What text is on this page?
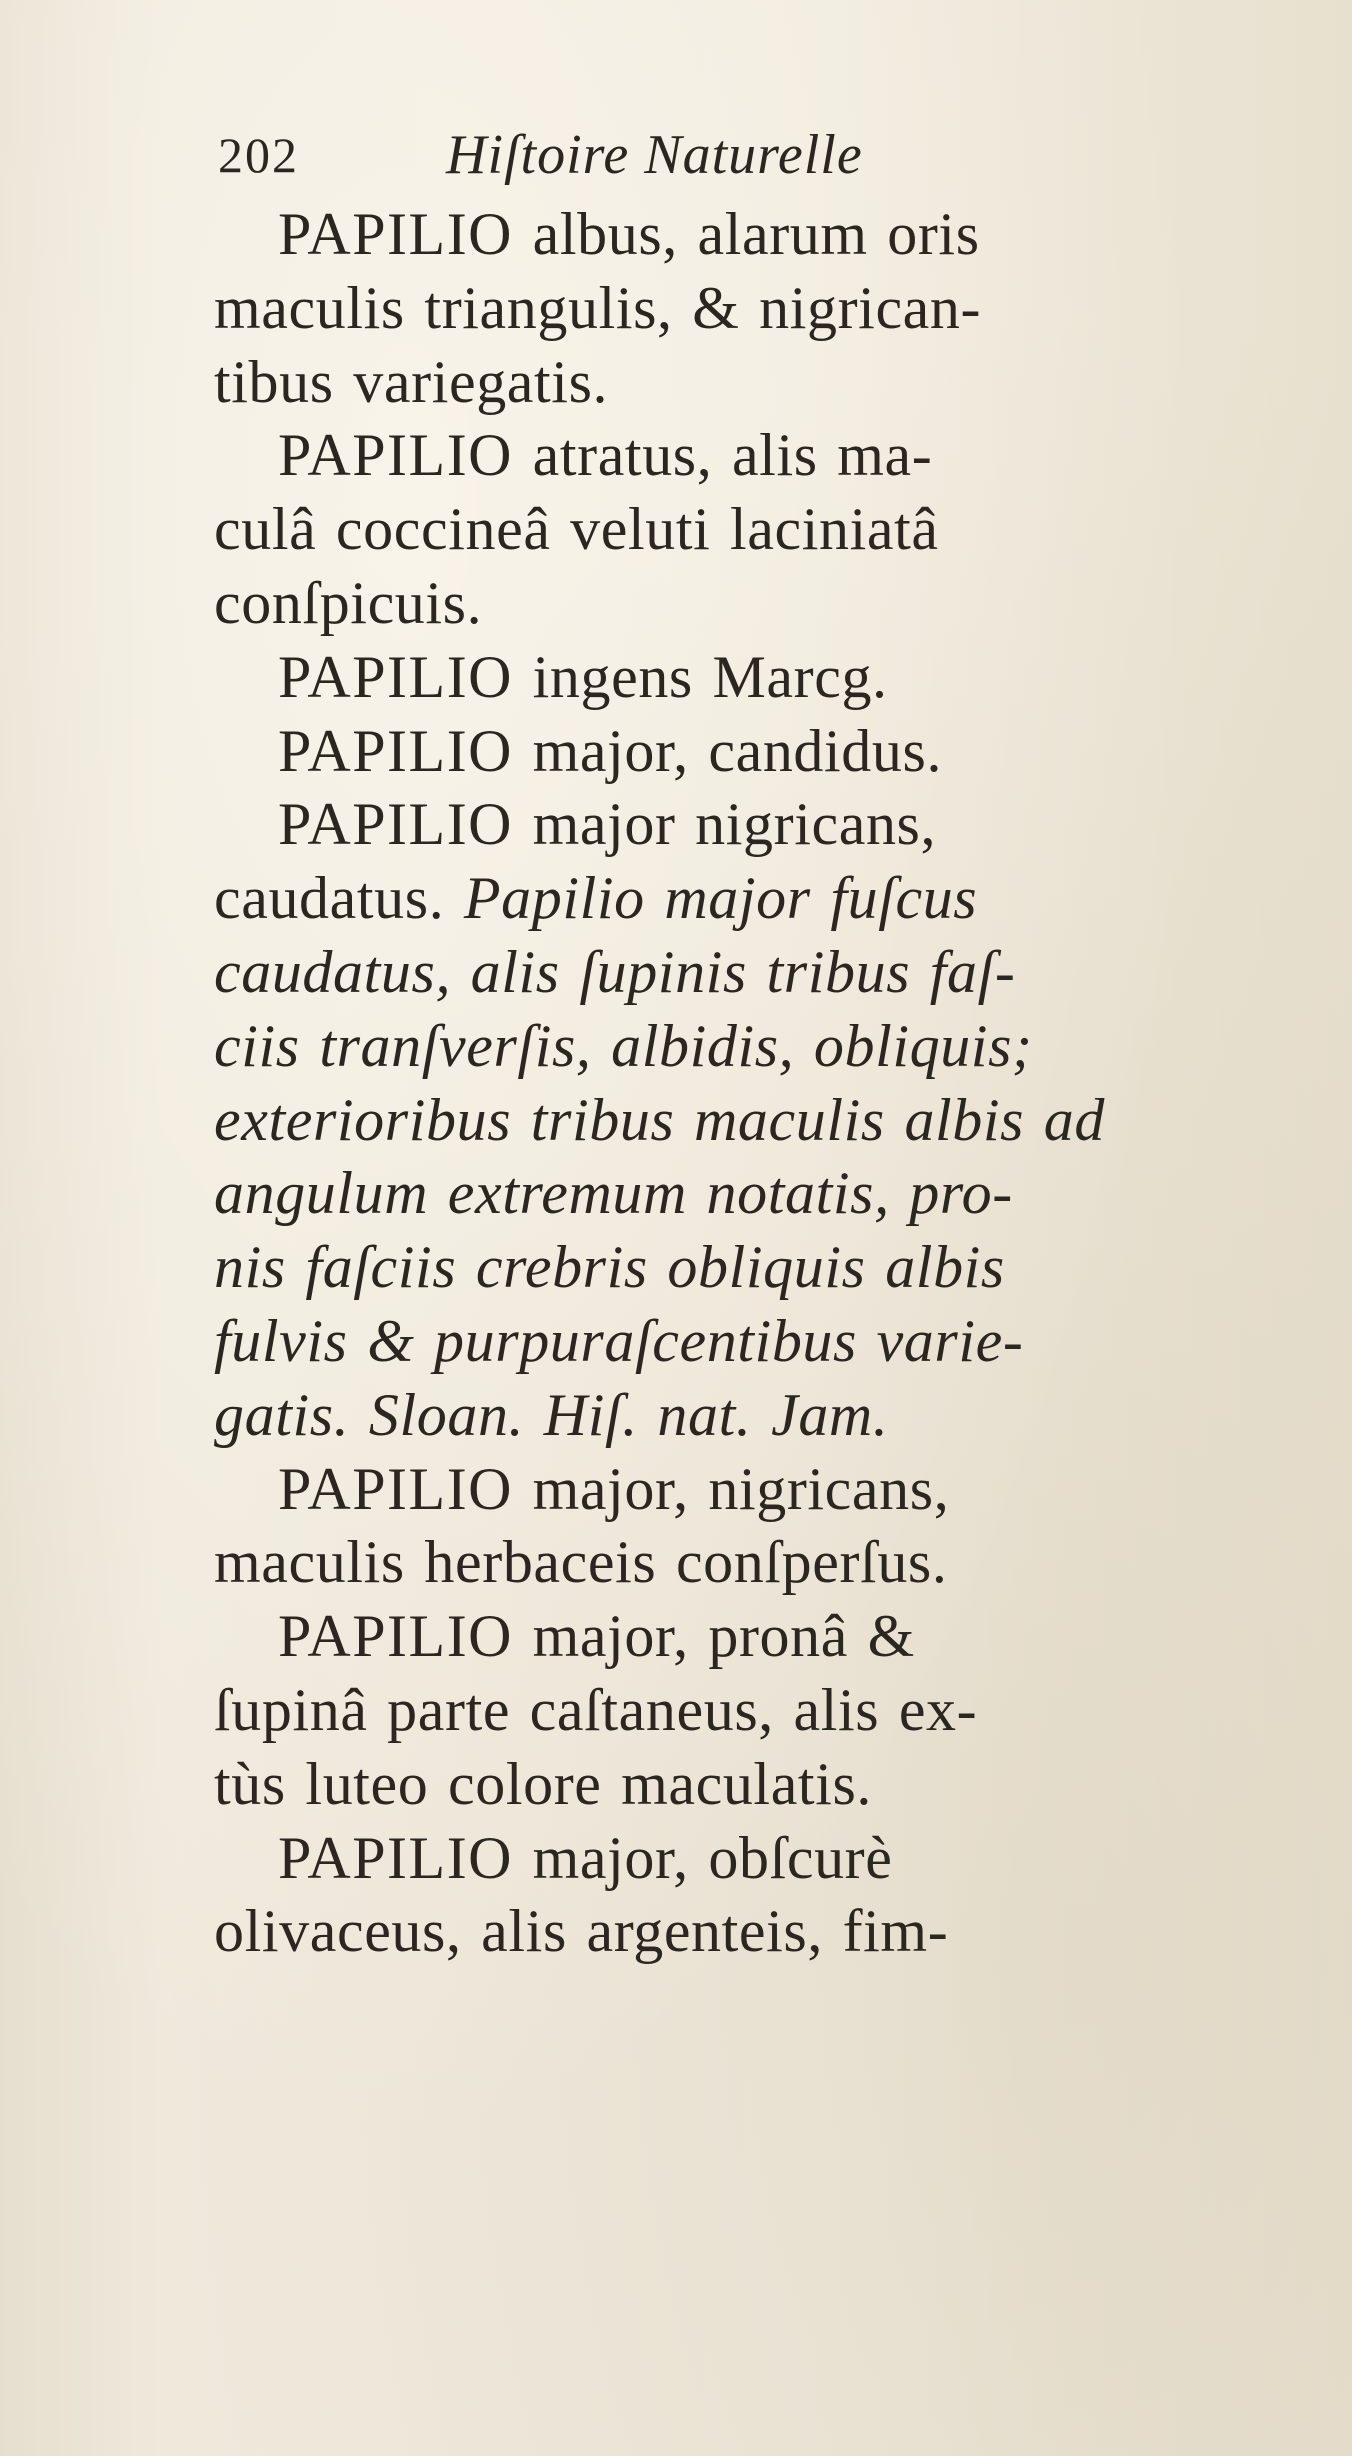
202	Hiſtoire Naturelle
PAPILIO albus, alarum oris
maculis triangulis, & nigrican-
tibus variegatis.
PAPILIO atratus, alis ma-
culâ coccineâ veluti laciniatâ
conſpicuis.
PAPILIO ingens Marcg.
PAPILIO major, candidus.
PAPILIO major nigricans,
caudatus. Papilio major fuſcus
caudatus, alis ſupinis tribus faſ-
ciis tranſverſis, albidis, obliquis;
exterioribus tribus maculis albis ad
angulum extremum notatis, pro-
nis faſciis crebris obliquis albis
fulvis & purpuraſcentibus varie-
gatis. Sloan. Hiſ. nat. Jam.
PAPILIO major, nigricans,
maculis herbaceis conſperſus.
PAPILIO major, pronâ &
ſupinâ parte caſtaneus, alis ex-
tùs luteo colore maculatis.
PAPILIO major, obſcurè
olivaceus, alis argenteis, fim-
